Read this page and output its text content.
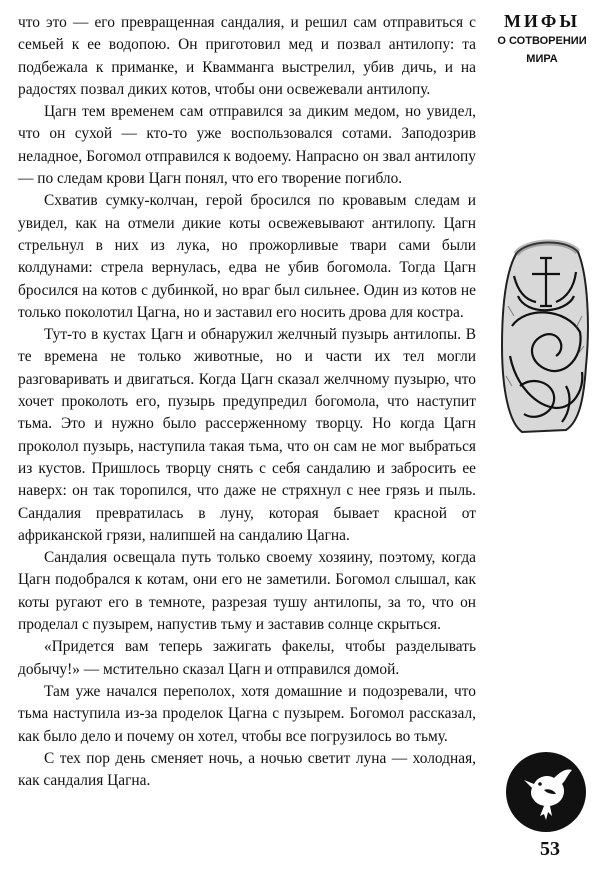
что это — его превращенная сандалия, и решил сам отправиться с семьей к ее водопою. Он приготовил мед и позвал антилопу: та подбежала к приманке, и Квамманга выстрелил, убив дичь, и на радостях позвал диких котов, чтобы они освежевали антилопу.

Цагн тем временем сам отправился за диким медом, но увидел, что он сухой — кто-то уже воспользовался сотами. Заподозрив неладное, Богомол отправился к водоему. Напрасно он звал антилопу — по следам крови Цагн понял, что его творение погибло.

Схватив сумку-колчан, герой бросился по кровавым следам и увидел, как на отмели дикие коты освежевывают антилопу. Цагн стрельнул в них из лука, но прожорливые твари сами были колдунами: стрела вернулась, едва не убив богомола. Тогда Цагн бросился на котов с дубинкой, но враг был сильнее. Один из котов не только поколотил Цагна, но и заставил его носить дрова для костра.

Тут-то в кустах Цагн и обнаружил желчный пузырь антилопы. В те времена не только животные, но и части их тел могли разговаривать и двигаться. Когда Цагн сказал желчному пузырю, что хочет проколоть его, пузырь предупредил богомола, что наступит тьма. Это и нужно было рассерженному творцу. Но когда Цагн проколол пузырь, наступила такая тьма, что он сам не мог выбраться из кустов. Пришлось творцу снять с себя сандалию и забросить ее наверх: он так торопился, что даже не стряхнул с нее грязь и пыль. Сандалия превратилась в луну, которая бывает красной от африканской грязи, налипшей на сандалию Цагна.

Сандалия освещала путь только своему хозяину, поэтому, когда Цагн подобрался к котам, они его не заметили. Богомол слышал, как коты ругают его в темноте, разрезая тушу антилопы, за то, что он проделал с пузырем, напустив тьму и заставив солнце скрыться.

«Придется вам теперь зажигать факелы, чтобы разделывать добычу!» — мстительно сказал Цагн и отправился домой.

Там уже начался переполох, хотя домашние и подозревали, что тьма наступила из-за проделок Цагна с пузырем. Богомол рассказал, как было дело и почему он хотел, чтобы все погрузилось во тьму.

С тех пор день сменяет ночь, а ночью светит луна — холодная, как сандалия Цагна.

МИФЫ
О СОТВОРЕНИИ
МИРА
53
